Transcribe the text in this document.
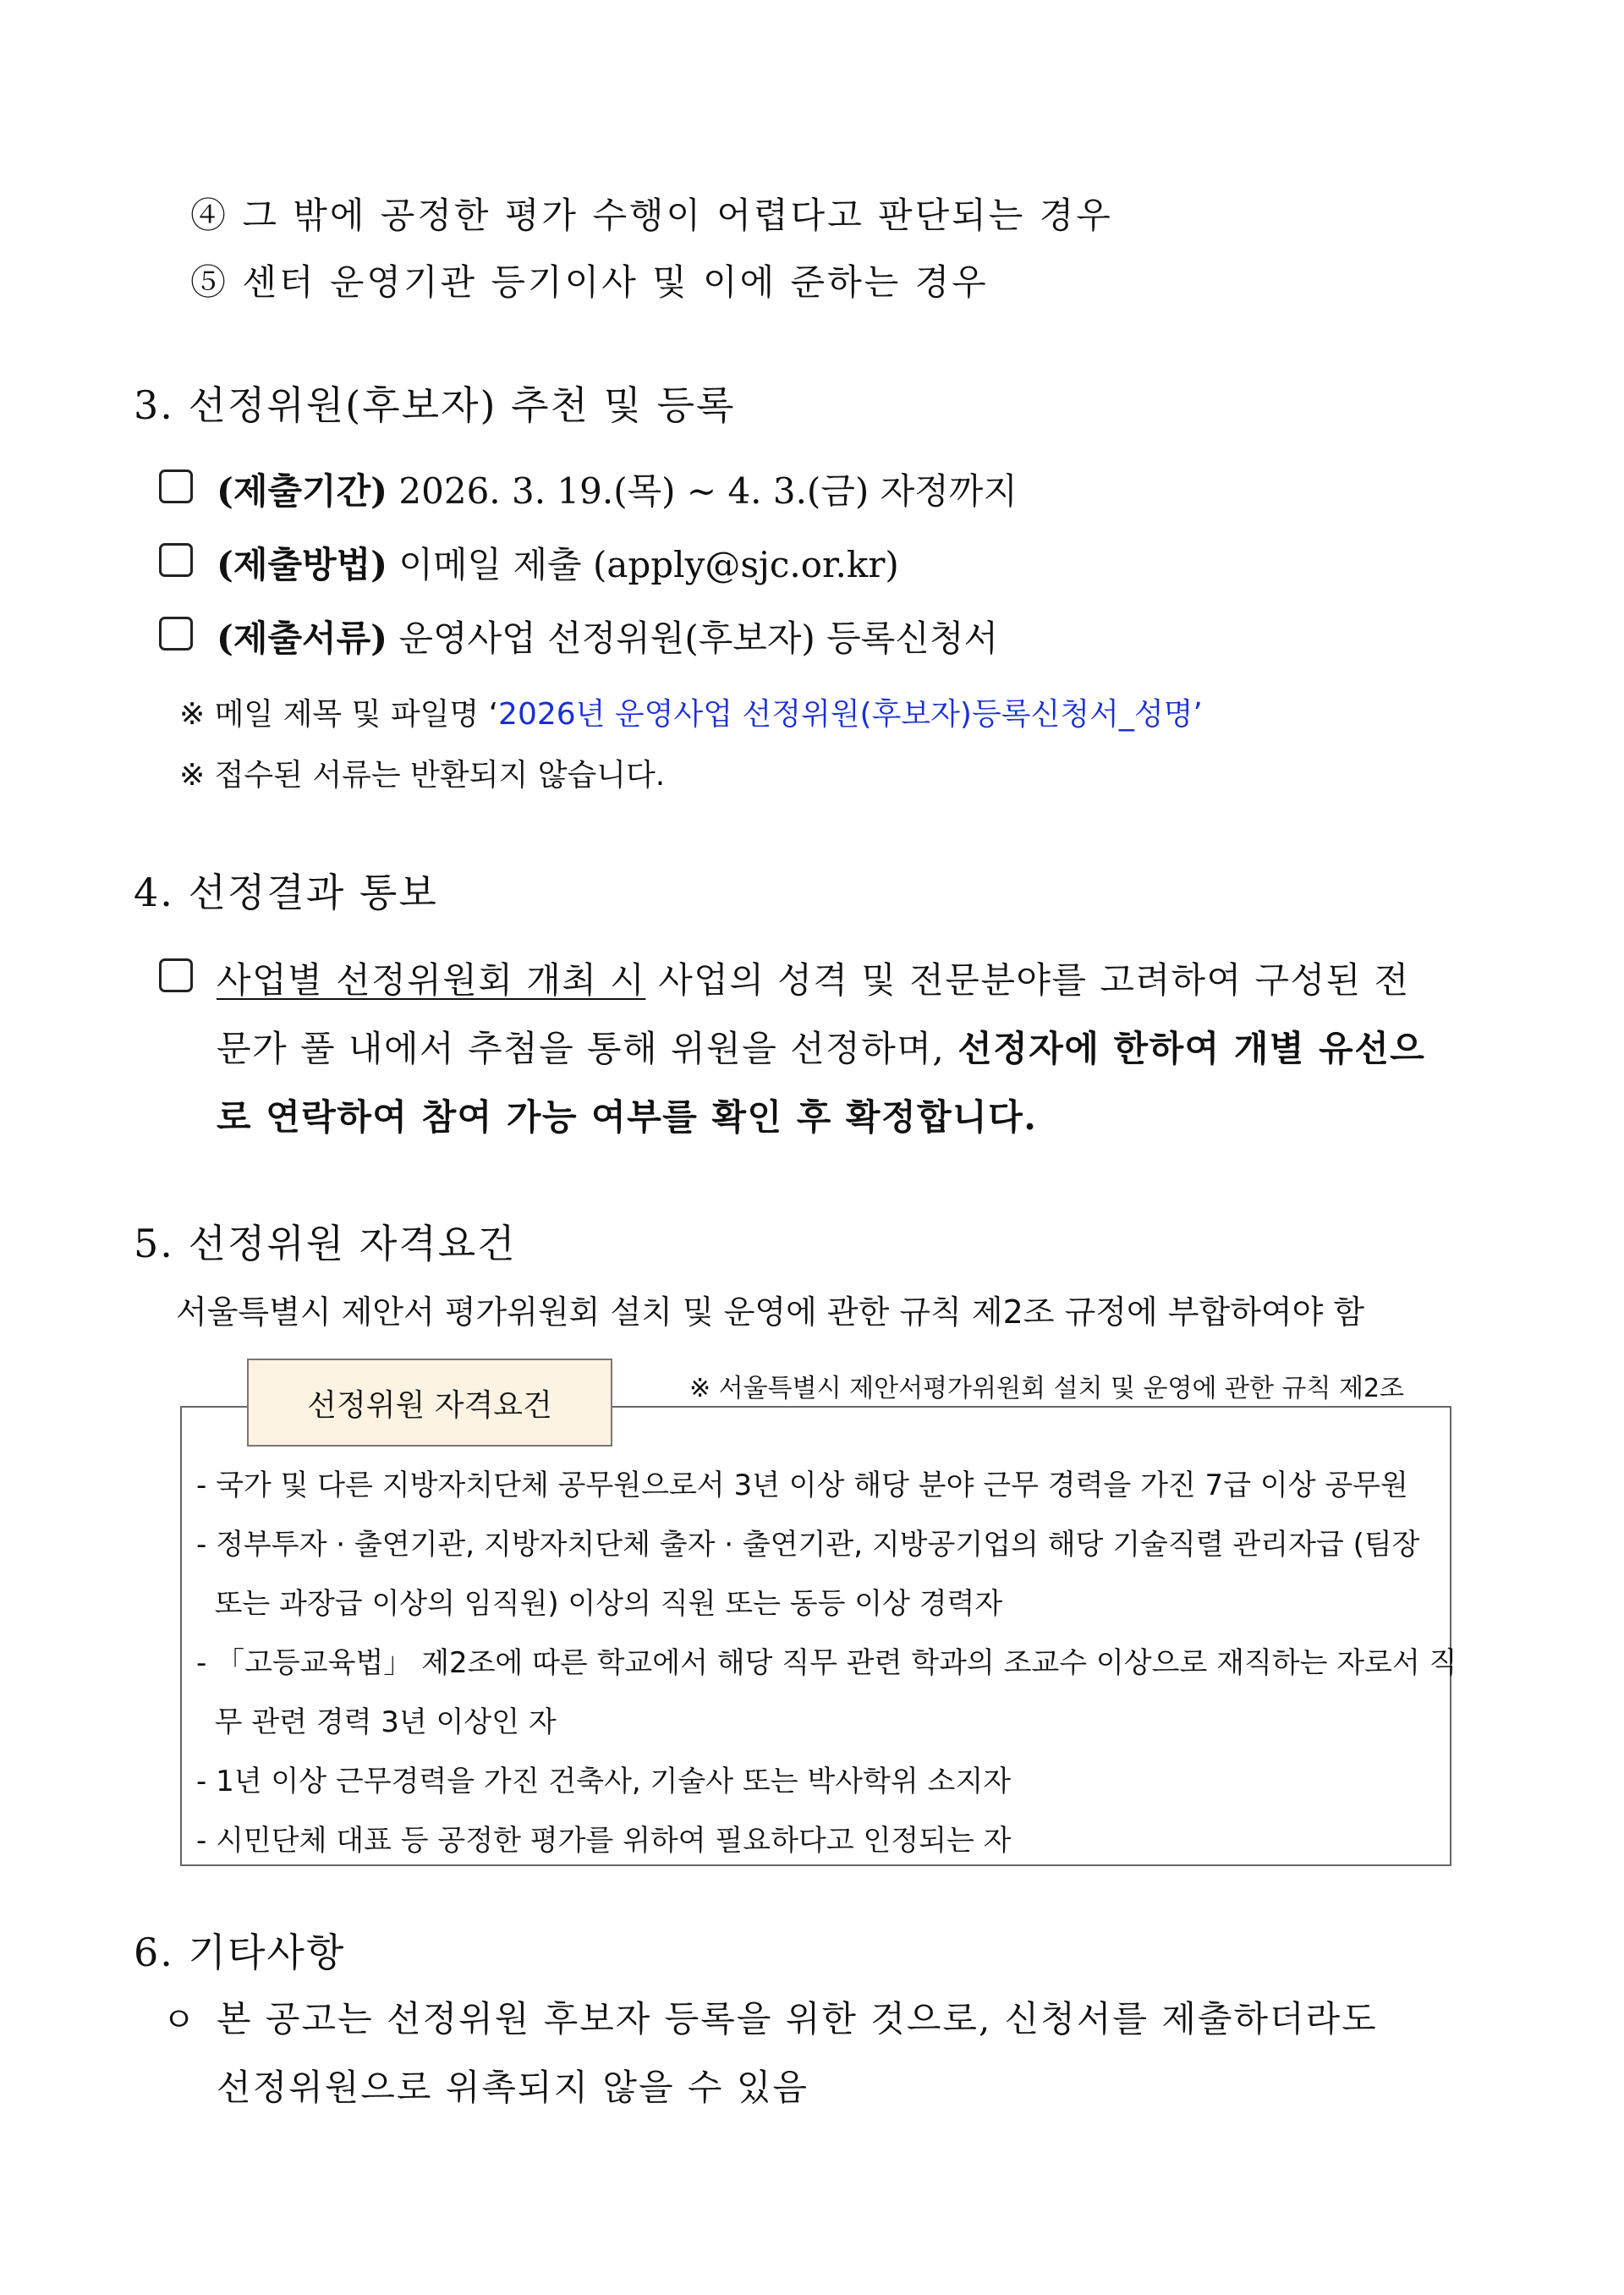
④ 그 밖에 공정한 평가 수행이 어렵다고 판단되는 경우
⑤ 센터 운영기관 등기이사 및 이에 준하는 경우
3. 선정위원(후보자) 추천 및 등록
(제출기간) 2026. 3. 19.(목) ~ 4. 3.(금) 자정까지
(제출방법) 이메일 제출 (apply@sjc.or.kr)
(제출서류) 운영사업 선정위원(후보자) 등록신청서
※ 메일 제목 및 파일명 ‘2026년 운영사업 선정위원(후보자)등록신청서_성명’
※ 접수된 서류는 반환되지 않습니다.
4. 선정결과 통보
사업별 선정위원회 개최 시 사업의 성격 및 전문분야를 고려하여 구성된 전
문가 풀 내에서 추첨을 통해 위원을 선정하며, 선정자에 한하여 개별 유선으
로 연락하여 참여 가능 여부를 확인 후 확정합니다.
5. 선정위원 자격요건
서울특별시 제안서 평가위원회 설치 및 운영에 관한 규칙 제2조 규정에 부합하여야 함
선정위원 자격요건	※ 서울특별시 제안서평가위원회 설치 및 운영에 관한 규칙 제2조
- 국가 및 다른 지방자치단체 공무원으로서 3년 이상 해당 분야 근무 경력을 가진 7급 이상 공무원
- 정부투자 · 출연기관, 지방자치단체 출자 · 출연기관, 지방공기업의 해당 기술직렬 관리자급 (팀장
또는 과장급 이상의 임직원) 이상의 직원 또는 동등 이상 경력자
- 「고등교육법」 제2조에 따른 학교에서 해당 직무 관련 학과의 조교수 이상으로 재직하는 자로서 직
무 관련 경력 3년 이상인 자
- 1년 이상 근무경력을 가진 건축사, 기술사 또는 박사학위 소지자
- 시민단체 대표 등 공정한 평가를 위하여 필요하다고 인정되는 자
6. 기타사항
ㅇ 본 공고는 선정위원 후보자 등록을 위한 것으로, 신청서를 제출하더라도
선정위원으로 위촉되지 않을 수 있음
